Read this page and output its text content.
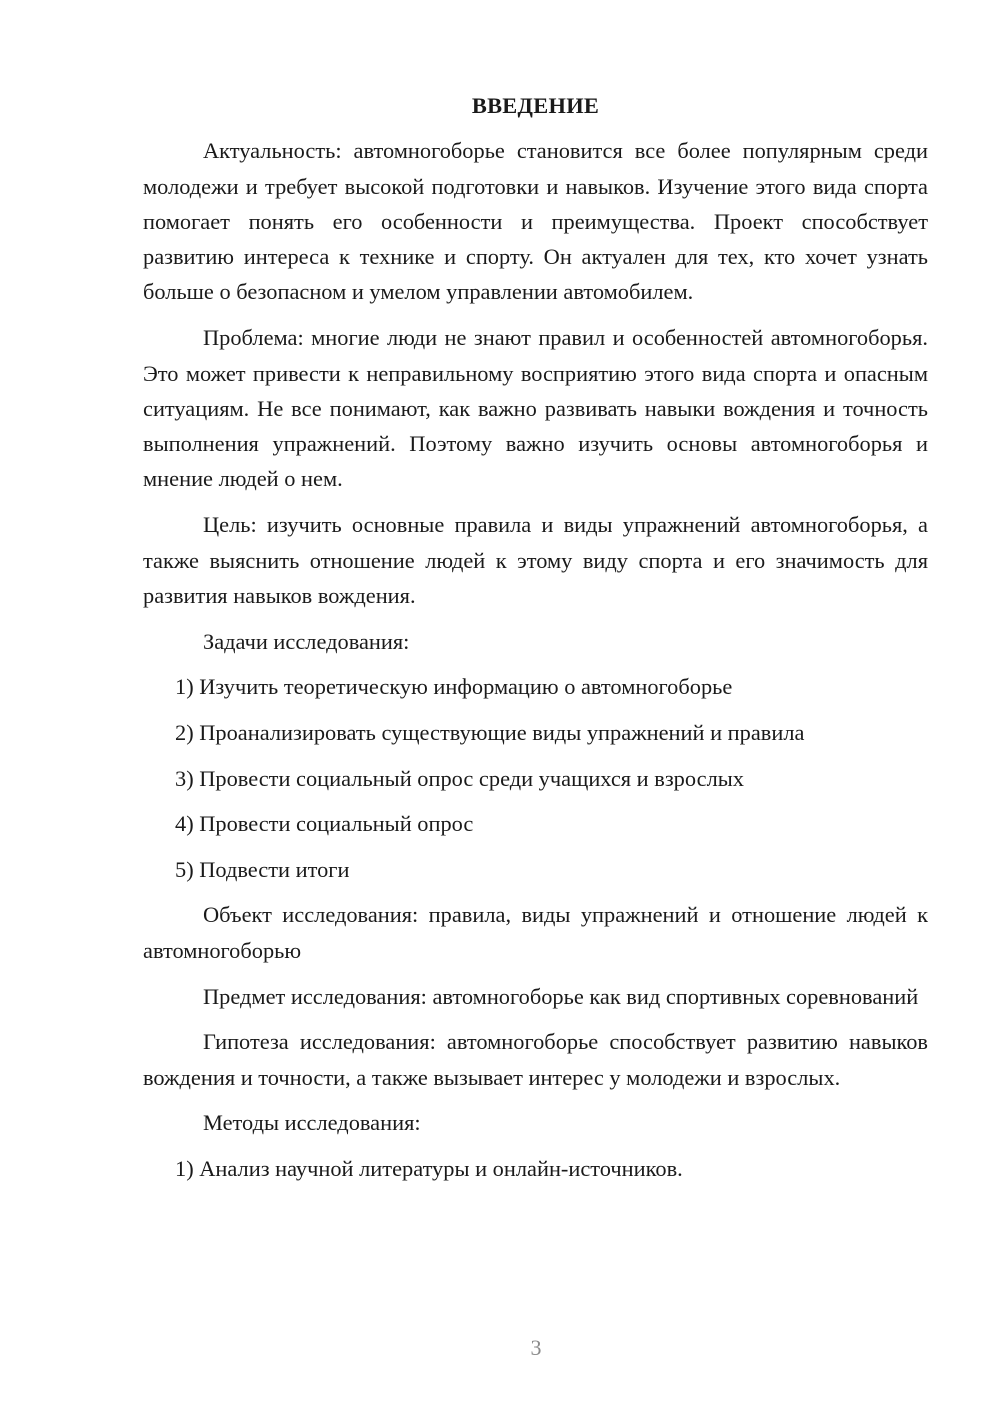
ВВЕДЕНИЕ

Актуальность: автомногоборье становится все более популярным среди молодежи и требует высокой подготовки и навыков. Изучение этого вида спорта помогает понять его особенности и преимущества. Проект способствует развитию интереса к технике и спорту. Он актуален для тех, кто хочет узнать больше о безопасном и умелом управлении автомобилем.

Проблема: многие люди не знают правил и особенностей автомногоборья. Это может привести к неправильному восприятию этого вида спорта и опасным ситуациям. Не все понимают, как важно развивать навыки вождения и точность выполнения упражнений. Поэтому важно изучить основы автомногоборья и мнение людей о нем.

Цель: изучить основные правила и виды упражнений автомногоборья, а также выяснить отношение людей к этому виду спорта и его значимость для развития навыков вождения.

Задачи исследования:

1) Изучить теоретическую информацию о автомногоборье
2) Проанализировать существующие виды упражнений и правила
3) Провести социальный опрос среди учащихся и взрослых
4) Провести социальный опрос
5) Подвести итоги

Объект исследования: правила, виды упражнений и отношение людей к автомногоборью

Предмет исследования: автомногоборье как вид спортивных соревнований

Гипотеза исследования: автомногоборье способствует развитию навыков вождения и точности, а также вызывает интерес у молодежи и взрослых.

Методы исследования:

1) Анализ научной литературы и онлайн-источников.
3
